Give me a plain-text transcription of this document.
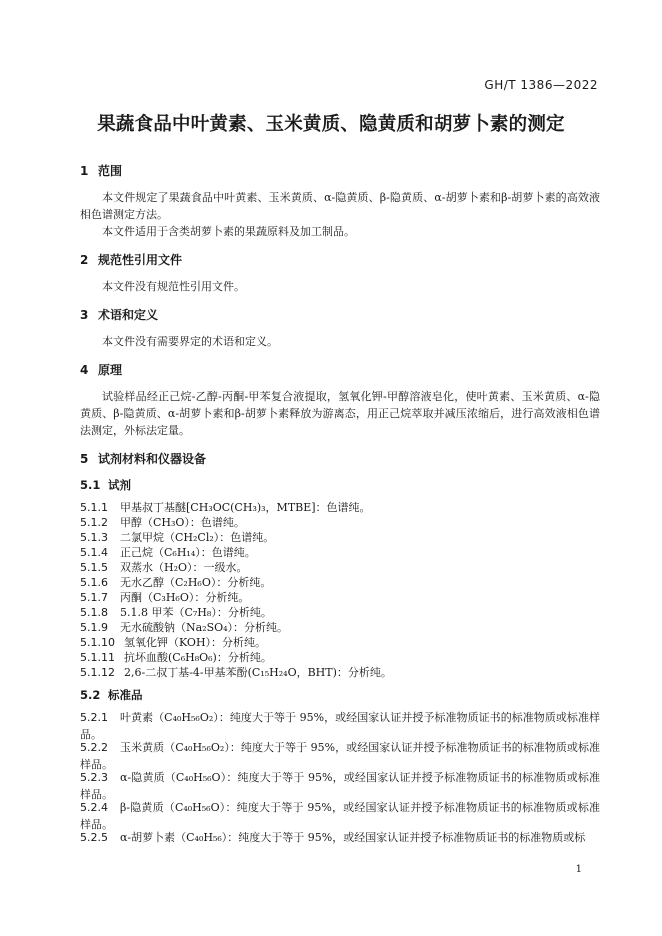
GH/T 1386—2022
果蔬食品中叶黄素、玉米黄质、隐黄质和胡萝卜素的测定
1 范围
本文件规定了果蔬食品中叶黄素、玉米黄质、α-隐黄质、β-隐黄质、α-胡萝卜素和β-胡萝卜素的高效液相色谱测定方法。
本文件适用于含类胡萝卜素的果蔬原料及加工制品。
2 规范性引用文件
本文件没有规范性引用文件。
3 术语和定义
本文件没有需要界定的术语和定义。
4 原理
试验样品经正己烷-乙醇-丙酮-甲苯复合液提取，氢氧化钾-甲醇溶液皂化，使叶黄素、玉米黄质、α-隐黄质、β-隐黄质、α-胡萝卜素和β-胡萝卜素释放为游离态，用正己烷萃取并减压浓缩后，进行高效液相色谱法测定，外标法定量。
5 试剂材料和仪器设备
5.1 试剂
5.1.1 甲基叔丁基醚[CH₃OC(CH₃)₃，MTBE]：色谱纯。
5.1.2 甲醇（CH₃O）：色谱纯。
5.1.3 二氯甲烷（CH₂Cl₂）：色谱纯。
5.1.4 正己烷（C₆H₁₄）：色谱纯。
5.1.5 双蒸水（H₂O）：一级水。
5.1.6 无水乙醇（C₂H₆O）：分析纯。
5.1.7 丙酮（C₃H₆O）：分析纯。
5.1.8 5.1.8 甲苯（C₇H₈）：分析纯。
5.1.9 无水硫酸钠（Na₂SO₄）：分析纯。
5.1.10 氢氧化钾（KOH）：分析纯。
5.1.11 抗坏血酸(C₆H₈O₆)：分析纯。
5.1.12 2,6-二叔丁基-4-甲基苯酚(C₁₅H₂₄O，BHT)：分析纯。
5.2 标准品
5.2.1 叶黄素（C₄₀H₅₆O₂）：纯度大于等于 95%，或经国家认证并授予标准物质证书的标准物质或标准样品。
5.2.2 玉米黄质（C₄₀H₅₆O₂）：纯度大于等于 95%，或经国家认证并授予标准物质证书的标准物质或标准样品。
5.2.3 α-隐黄质（C₄₀H₅₆O）：纯度大于等于 95%，或经国家认证并授予标准物质证书的标准物质或标准样品。
5.2.4 β-隐黄质（C₄₀H₅₆O）：纯度大于等于 95%，或经国家认证并授予标准物质证书的标准物质或标准样品。
5.2.5 α-胡萝卜素（C₄₀H₅₆）：纯度大于等于 95%，或经国家认证并授予标准物质证书的标准物质或标
1
